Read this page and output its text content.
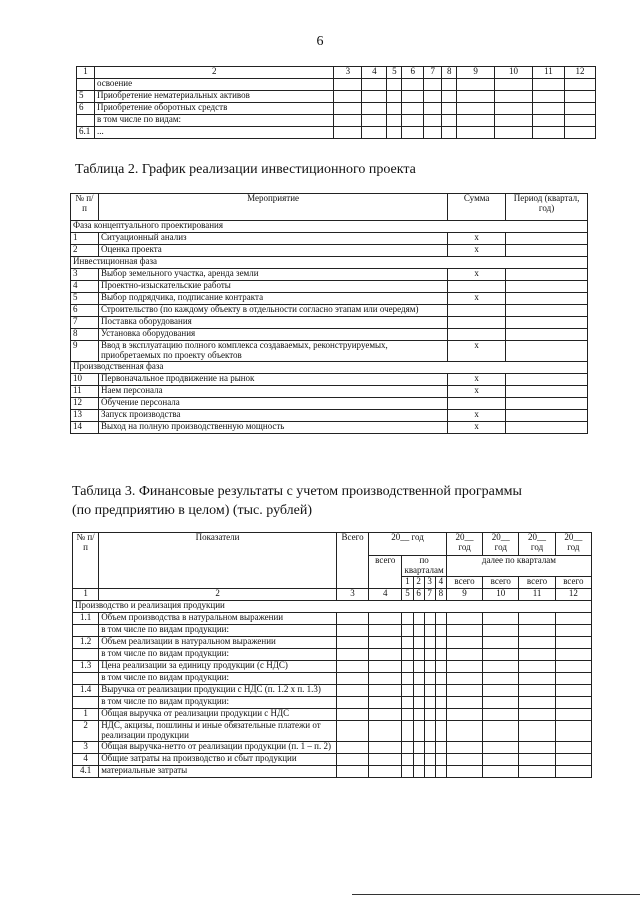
6
1	2	3	4	5	6	7	8	9	10	11	12
	освоение										
5	Приобретение нематериальных активов										
6	Приобретение оборотных средств										
	в том числе по видам:										
6.1	...										
Таблица 2. График реализации инвестиционного проекта
№ п/п	Мероприятие	Сумма	Период (квартал, год)
Фаза концептуального проектирования			
1	Ситуационный анализ	x	
2	Оценка проекта	x	
Инвестиционная фаза			
3	Выбор земельного участка, аренда земли	x	
4	Проектно-изыскательские работы		
5	Выбор подрядчика, подписание контракта	x	
6	Строительство (по каждому объекту в отдельности согласно этапам или очередям)		
7	Поставка оборудования		
8	Установка оборудования		
9	Ввод в эксплуатацию полного комплекса создаваемых, реконструируемых, приобретаемых по проекту объектов	x	
Производственная фаза			
10	Первоначальное продвижение на рынок	x	
11	Наем персонала	x	
12	Обучение персонала		
13	Запуск производства	x	
14	Выход на полную производственную мощность	x	
Таблица 3. Финансовые результаты с учетом производственной программы
(по предприятию в целом) (тыс. рублей)
№ п/п	Показатели	Всего	20__ год					20__ год	20__ год	20__ год	20__ год
			всего	по кварталам				далее по кварталам			
				1	2	3	4	всего	всего	всего	всего
1	2	3	4	5	6	7	8	9	10	11	12
Производство и реализация продукции											
1.1	Объем производства в натуральном выражении										
	в том числе по видам продукции:										
1.2	Объем реализации в натуральном выражении										
	в том числе по видам продукции:										
1.3	Цена реализации за единицу продукции (с НДС)										
	в том числе по видам продукции:										
1.4	Выручка от реализации продукции с НДС (п. 1.2 x п. 1.3)										
	в том числе по видам продукции:										
1	Общая выручка от реализации продукции с НДС										
2	НДС, акцизы, пошлины и иные обязательные платежи от реализации продукции										
3	Общая выручка-нетто от реализации продукции (п. 1 – п. 2)										
4	Общие затраты на производство и сбыт продукции										
4.1	материальные затраты										
